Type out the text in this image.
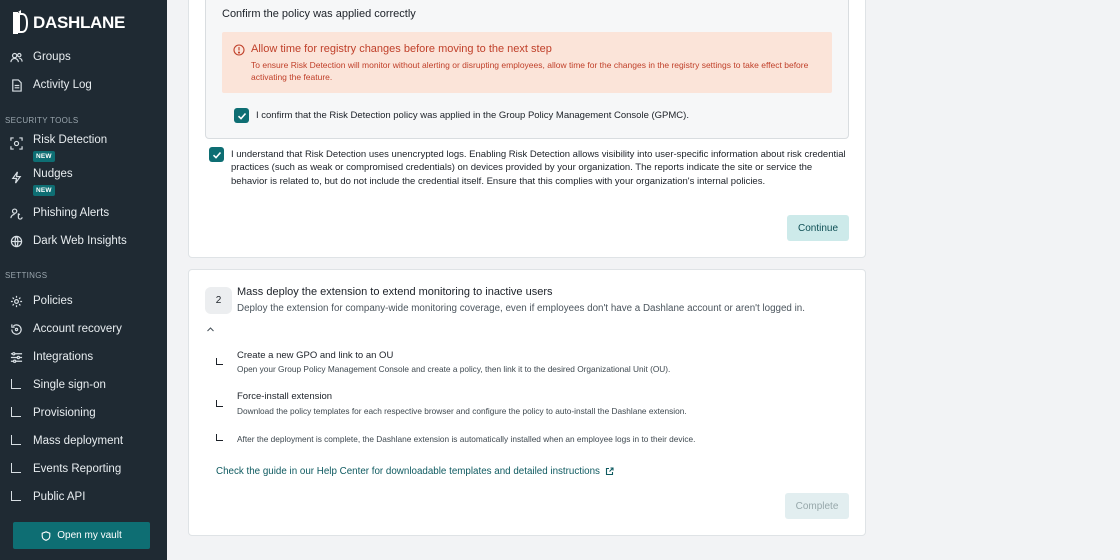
DASHLANE
Groups
Activity Log
SECURITY TOOLS
Risk Detection
NEW
Nudges
NEW
Phishing Alerts
Dark Web Insights
SETTINGS
Policies
Account recovery
Integrations
Single sign-on
Provisioning
Mass deployment
Events Reporting
Public API
Open my vault
Confirm the policy was applied correctly
Allow time for registry changes before moving to the next step
To ensure Risk Detection will monitor without alerting or disrupting employees, allow time for the changes in the registry settings to take effect before activating the feature.
I confirm that the Risk Detection policy was applied in the Group Policy Management Console (GPMC).
I understand that Risk Detection uses unencrypted logs. Enabling Risk Detection allows visibility into user-specific information about risk credential practices (such as weak or compromised credentials) on devices provided by your organization. The reports indicate the site or service the behavior is related to, but do not include the credential itself. Ensure that this complies with your organization's internal policies.
Continue
2
Mass deploy the extension to extend monitoring to inactive users
Deploy the extension for company-wide monitoring coverage, even if employees don't have a Dashlane account or aren't logged in.
Create a new GPO and link to an OU
Open your Group Policy Management Console and create a policy, then link it to the desired Organizational Unit (OU).
Force-install extension
Download the policy templates for each respective browser and configure the policy to auto-install the Dashlane extension.
After the deployment is complete, the Dashlane extension is automatically installed when an employee logs in to their device.
Check the guide in our Help Center for downloadable templates and detailed instructions
Complete
